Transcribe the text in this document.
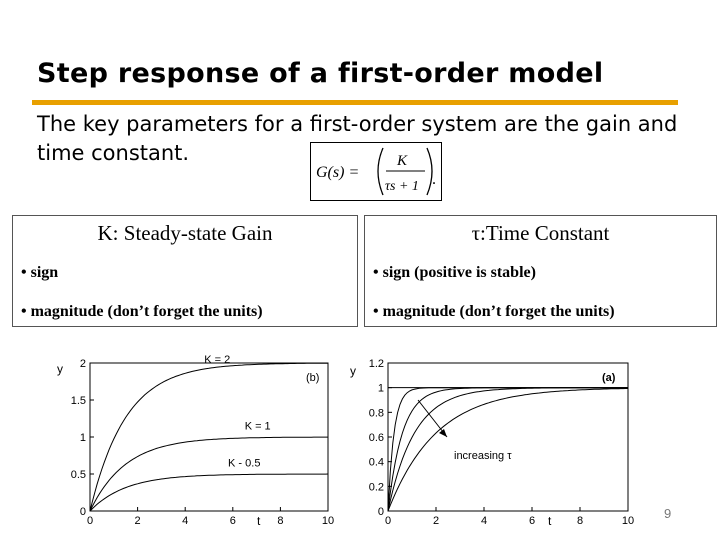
Step response of a first-order model
The key parameters for a first-order system are the gain and time constant.
G(s) =
K
τs + 1 .
K: Steady-state Gain
• sign
• magnitude (don’t forget the units)
τ:Time Constant
• sign (positive is stable)
• magnitude (don’t forget the units)
0
0.5
1
1.5
2
0	2	4	6	8	10
K = 2
K = 1
K - 0.5
y
t
(b)
0
0.2
0.4
0.6
0.8
1
1.2
0	2	4	6	8	10
increasing τ
y
t
(a)
9
